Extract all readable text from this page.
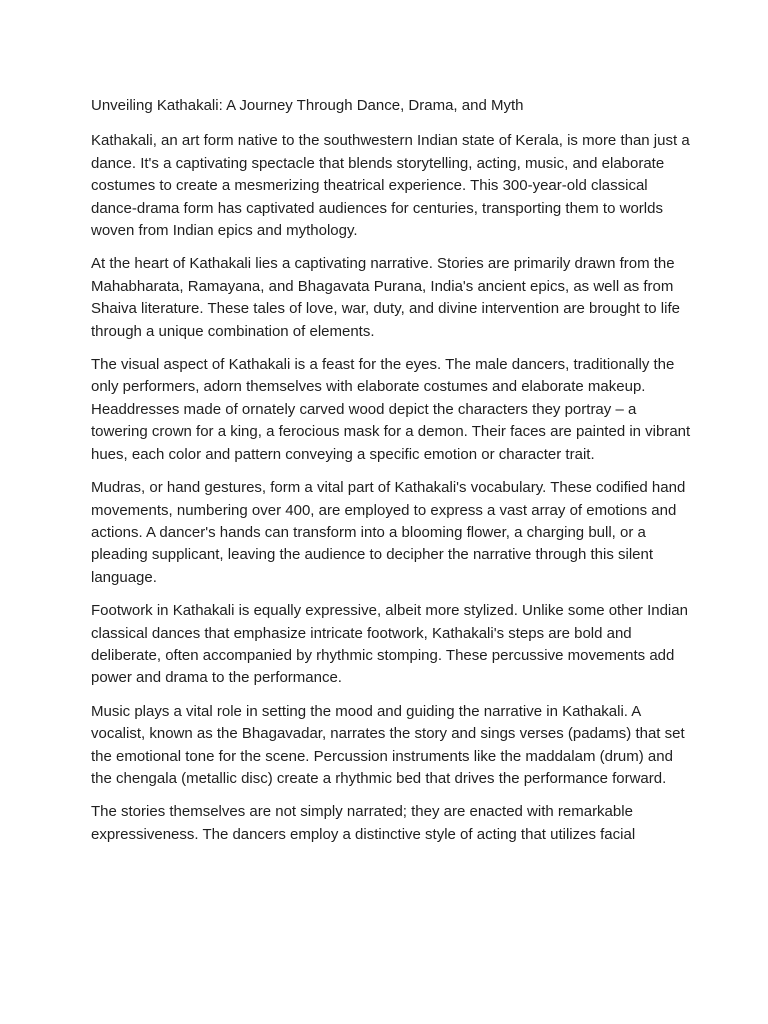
Unveiling Kathakali: A Journey Through Dance, Drama, and Myth

Kathakali, an art form native to the southwestern Indian state of Kerala, is more than just a dance. It's a captivating spectacle that blends storytelling, acting, music, and elaborate costumes to create a mesmerizing theatrical experience. This 300-year-old classical dance-drama form has captivated audiences for centuries, transporting them to worlds woven from Indian epics and mythology.

At the heart of Kathakali lies a captivating narrative. Stories are primarily drawn from the Mahabharata, Ramayana, and Bhagavata Purana, India's ancient epics, as well as from Shaiva literature. These tales of love, war, duty, and divine intervention are brought to life through a unique combination of elements.

The visual aspect of Kathakali is a feast for the eyes. The male dancers, traditionally the only performers, adorn themselves with elaborate costumes and elaborate makeup. Headdresses made of ornately carved wood depict the characters they portray – a towering crown for a king, a ferocious mask for a demon. Their faces are painted in vibrant hues, each color and pattern conveying a specific emotion or character trait.

Mudras, or hand gestures, form a vital part of Kathakali's vocabulary. These codified hand movements, numbering over 400, are employed to express a vast array of emotions and actions. A dancer's hands can transform into a blooming flower, a charging bull, or a pleading supplicant, leaving the audience to decipher the narrative through this silent language.

Footwork in Kathakali is equally expressive, albeit more stylized. Unlike some other Indian classical dances that emphasize intricate footwork, Kathakali's steps are bold and deliberate, often accompanied by rhythmic stomping. These percussive movements add power and drama to the performance.

Music plays a vital role in setting the mood and guiding the narrative in Kathakali. A vocalist, known as the Bhagavadar, narrates the story and sings verses (padams) that set the emotional tone for the scene. Percussion instruments like the maddalam (drum) and the chengala (metallic disc) create a rhythmic bed that drives the performance forward.

The stories themselves are not simply narrated; they are enacted with remarkable expressiveness. The dancers employ a distinctive style of acting that utilizes facial
